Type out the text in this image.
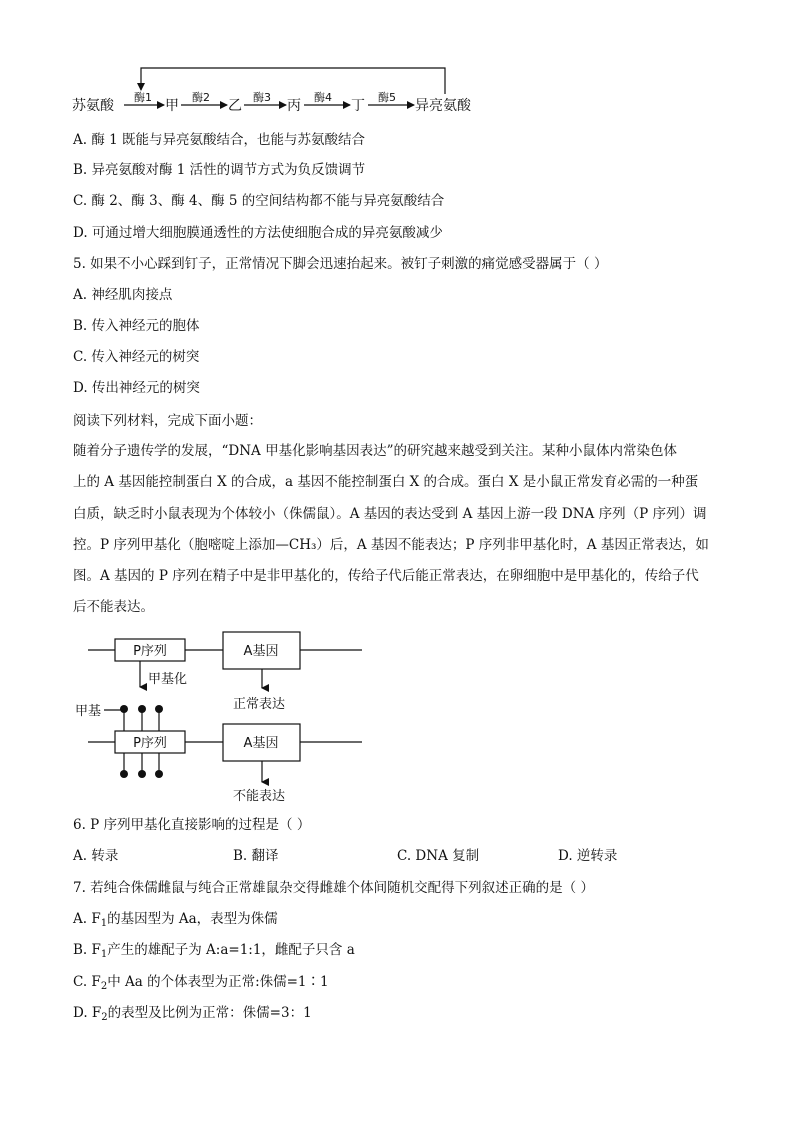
苏氨酸
酶1
甲
酶2
乙
酶3
丙
酶4
丁
酶5
异亮氨酸
A. 酶 1 既能与异亮氨酸结合，也能与苏氨酸结合
B. 异亮氨酸对酶 1 活性的调节方式为负反馈调节
C. 酶 2、酶 3、酶 4、酶 5 的空间结构都不能与异亮氨酸结合
D. 可通过增大细胞膜通透性的方法使细胞合成的异亮氨酸减少
5. 如果不小心踩到钉子，正常情况下脚会迅速抬起来。被钉子刺激的痛觉感受器属于（ ）
A. 神经肌肉接点
B. 传入神经元的胞体
C. 传入神经元的树突
D. 传出神经元的树突
阅读下列材料，完成下面小题：
随着分子遗传学的发展，“DNA 甲基化影响基因表达”的研究越来越受到关注。某种小鼠体内常染色体
上的 A 基因能控制蛋白 X 的合成，a 基因不能控制蛋白 X 的合成。蛋白 X 是小鼠正常发育必需的一种蛋
白质，缺乏时小鼠表现为个体较小（侏儒鼠）。A 基因的表达受到 A 基因上游一段 DNA 序列（P 序列）调
控。P 序列甲基化（胞嘧啶上添加—CH₃）后，A 基因不能表达；P 序列非甲基化时，A 基因正常表达，如
图。A 基因的 P 序列在精子中是非甲基化的，传给子代后能正常表达，在卵细胞中是甲基化的，传给子代
后不能表达。
P序列	A基因
甲基化
正常表达
甲基
P序列	A基因
不能表达
6. P 序列甲基化直接影响的过程是（ ）
A. 转录	B. 翻译	C. DNA 复制	D. 逆转录
7. 若纯合侏儒雌鼠与纯合正常雄鼠杂交得雌雄个体间随机交配得下列叙述正确的是（ ）
A. $F_1$的基因型为 Aa，表型为侏儒
B. $F_1$产生的雄配子为 A:a=1:1，雌配子只含 a
C. $F_2$中 Aa 的个体表型为正常:侏儒=1∶1
D. $F_2$的表型及比例为正常：侏儒=3：1
